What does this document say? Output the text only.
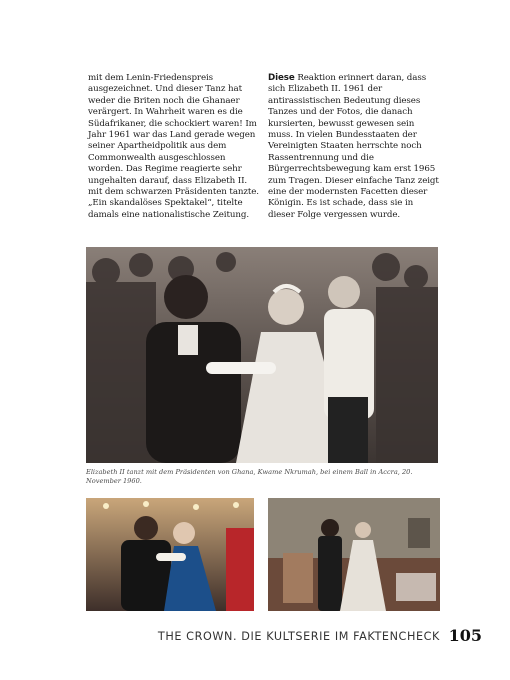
mit dem Lenin-Friedenspreis ausgezeichnet. Und dieser Tanz hat weder die Briten noch die Ghanaer verärgert. In Wahrheit waren es die Südafrikaner, die schockiert waren! Im Jahr 1961 war das Land gerade wegen seiner Apartheidpolitik aus dem Commonwealth ausgeschlossen worden. Das Regime reagierte sehr ungehalten darauf, dass Elizabeth II. mit dem schwarzen Präsidenten tanzte. „Ein skandalöses Spektakel“, titelte damals eine nationalistische Zeitung.
Diese Reaktion erinnert daran, dass sich Elizabeth II. 1961 der antirassistischen Bedeutung dieses Tanzes und der Fotos, die danach kursierten, bewusst gewesen sein muss. In vielen Bundesstaaten der Vereinigten Staaten herrschte noch Rassentrennung und die Bürgerrechtsbewegung kam erst 1965 zum Tragen. Dieser einfache Tanz zeigt eine der modernsten Facetten dieser Königin. Es ist schade, dass sie in dieser Folge vergessen wurde.
Elizabeth II tanzt mit dem Präsidenten von Ghana, Kwame Nkrumah, bei einem Ball in Accra, 20. November 1960.
THE CROWN. DIE KULTSERIE IM FAKTENCHECK 105
